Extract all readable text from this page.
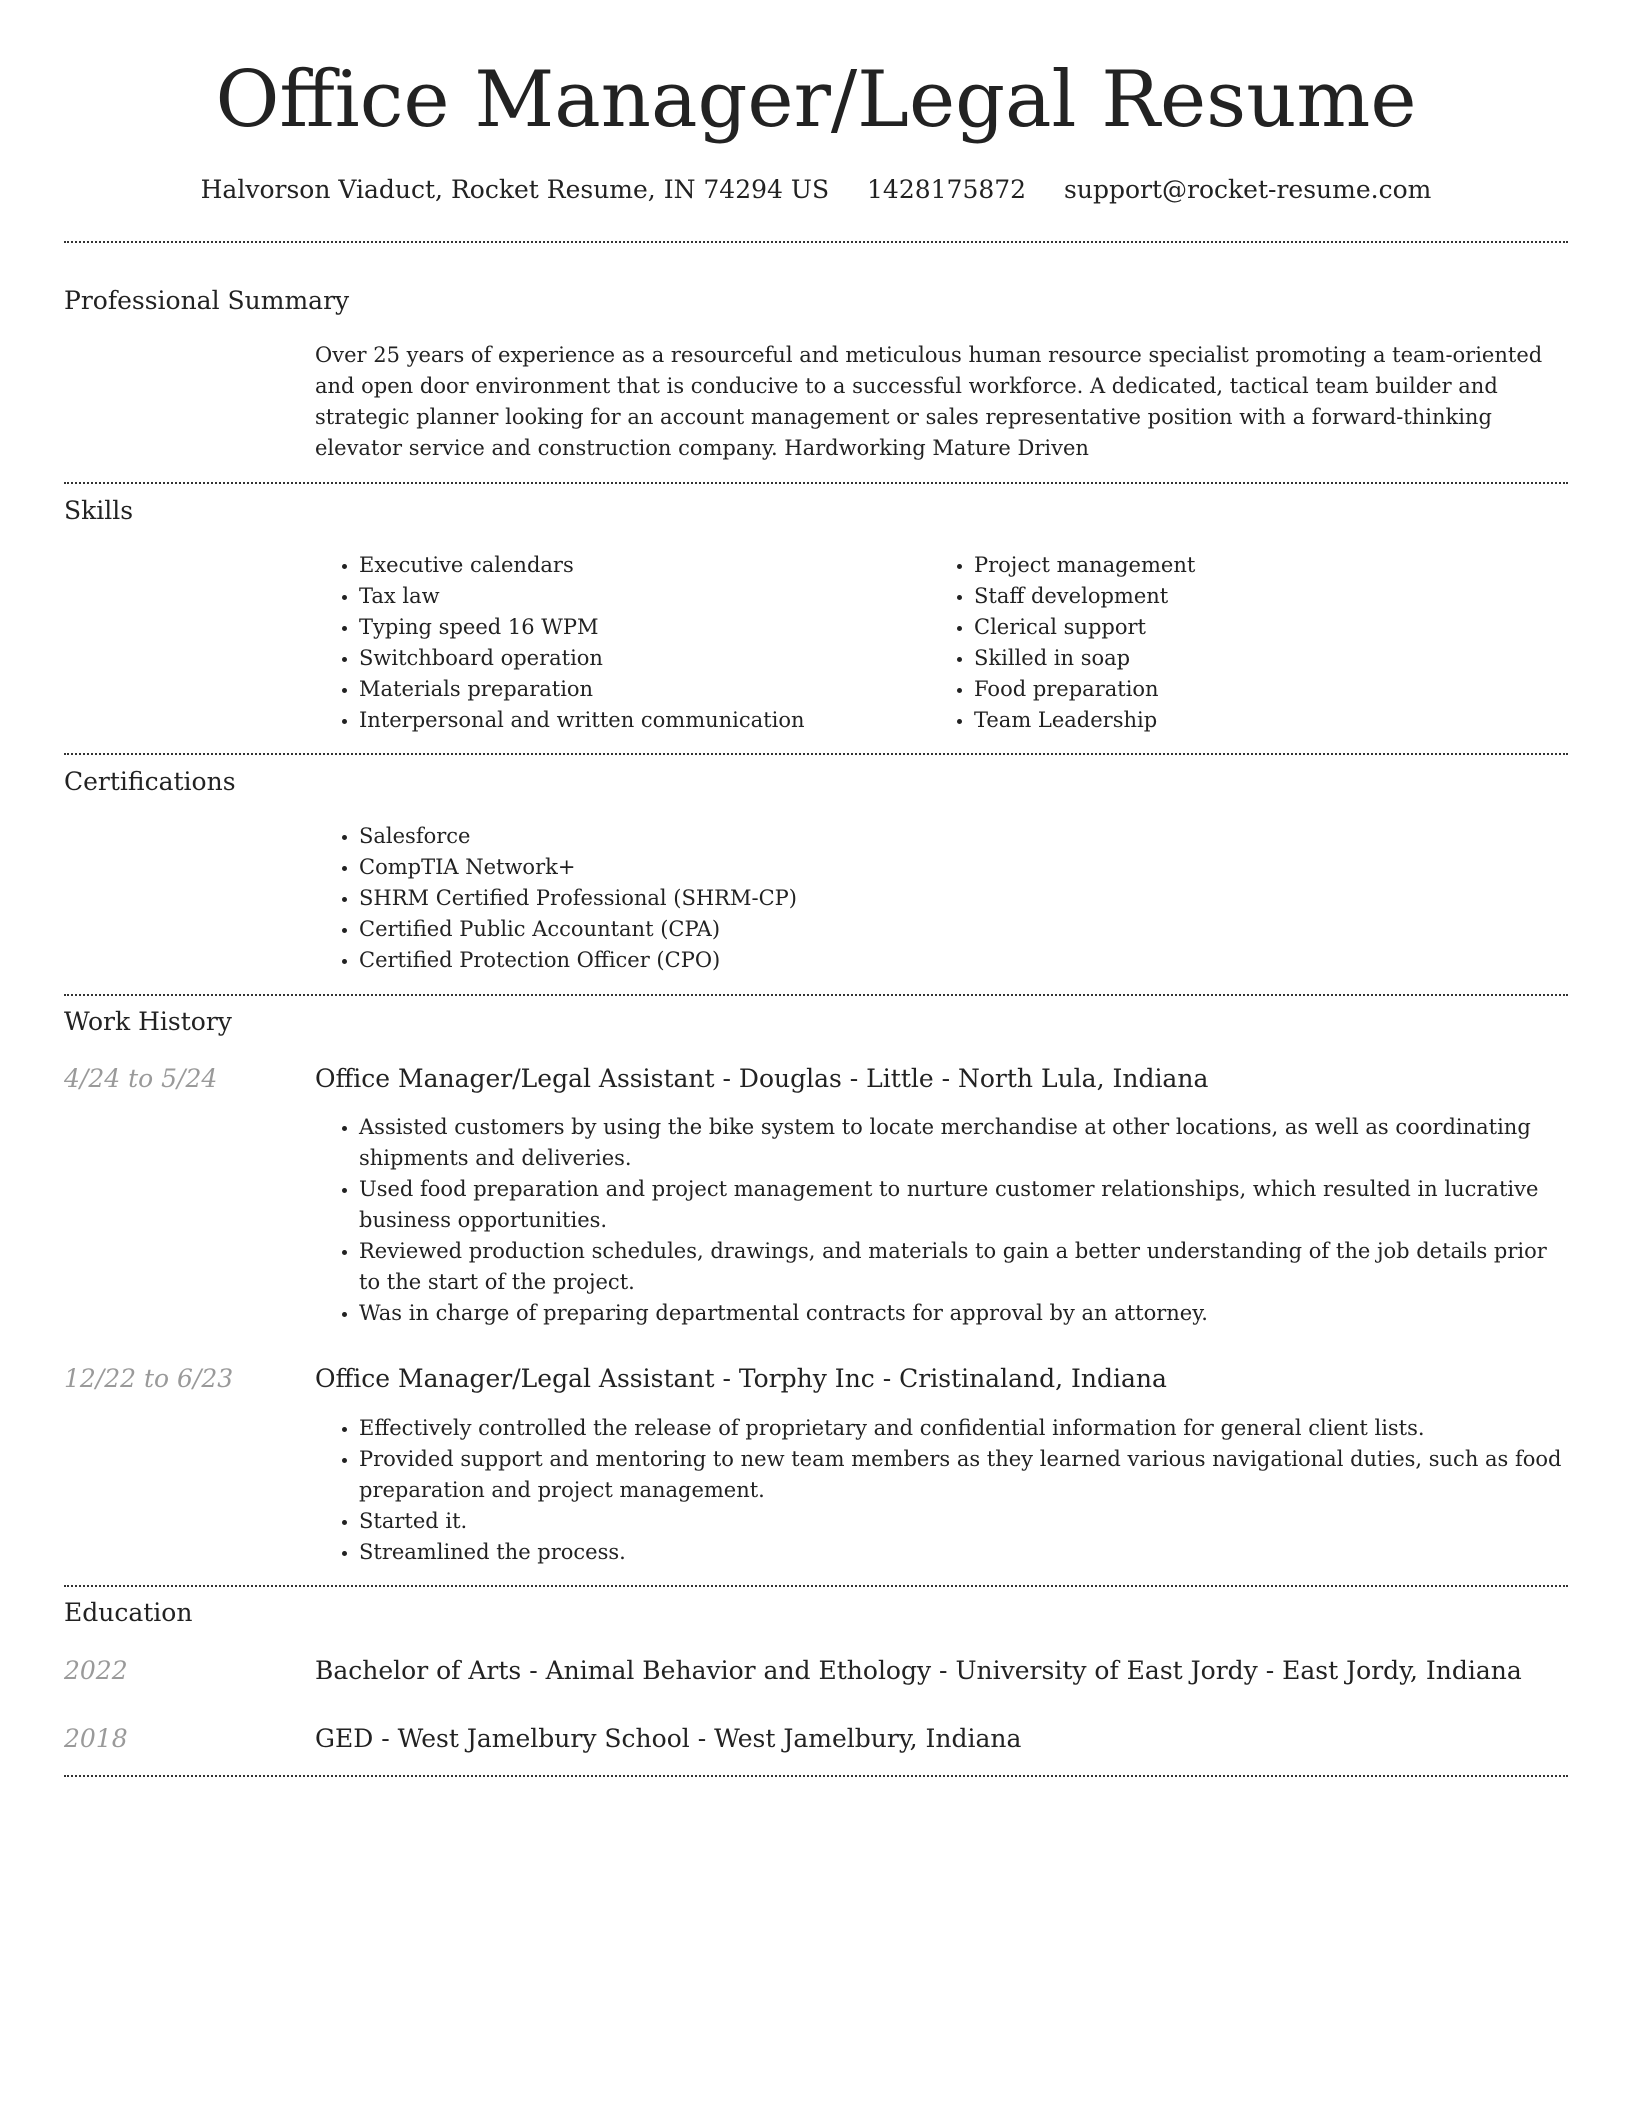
Office Manager/Legal Resume
Halvorson Viaduct, Rocket Resume, IN 74294 US 1428175872 support@rocket-resume.com
Professional Summary

Over 25 years of experience as a resourceful and meticulous human resource specialist promoting a team-oriented and open door environment that is conducive to a successful workforce. A dedicated, tactical team builder and strategic planner looking for an account management or sales representative position with a forward-thinking elevator service and construction company. Hardworking Mature Driven

Skills
• Executive calendars
• Tax law
• Typing speed 16 WPM
• Switchboard operation
• Materials preparation
• Interpersonal and written communication
• Project management
• Staff development
• Clerical support
• Skilled in soap
• Food preparation
• Team Leadership
Certifications
• Salesforce
• CompTIA Network+
• SHRM Certified Professional (SHRM-CP)
• Certified Public Accountant (CPA)
• Certified Protection Officer (CPO)
Work History
4/24 to 5/24	Office Manager/Legal Assistant - Douglas - Little - North Lula, Indiana
• Assisted customers by using the bike system to locate merchandise at other locations, as well as coordinating shipments and deliveries.
• Used food preparation and project management to nurture customer relationships, which resulted in lucrative business opportunities.
• Reviewed production schedules, drawings, and materials to gain a better understanding of the job details prior to the start of the project.
• Was in charge of preparing departmental contracts for approval by an attorney.
12/22 to 6/23	Office Manager/Legal Assistant - Torphy Inc - Cristinaland, Indiana
• Effectively controlled the release of proprietary and confidential information for general client lists.
• Provided support and mentoring to new team members as they learned various navigational duties, such as food preparation and project management.
• Started it.
• Streamlined the process.
Education
2022	Bachelor of Arts - Animal Behavior and Ethology - University of East Jordy - East Jordy, Indiana
2018	GED - West Jamelbury School - West Jamelbury, Indiana
